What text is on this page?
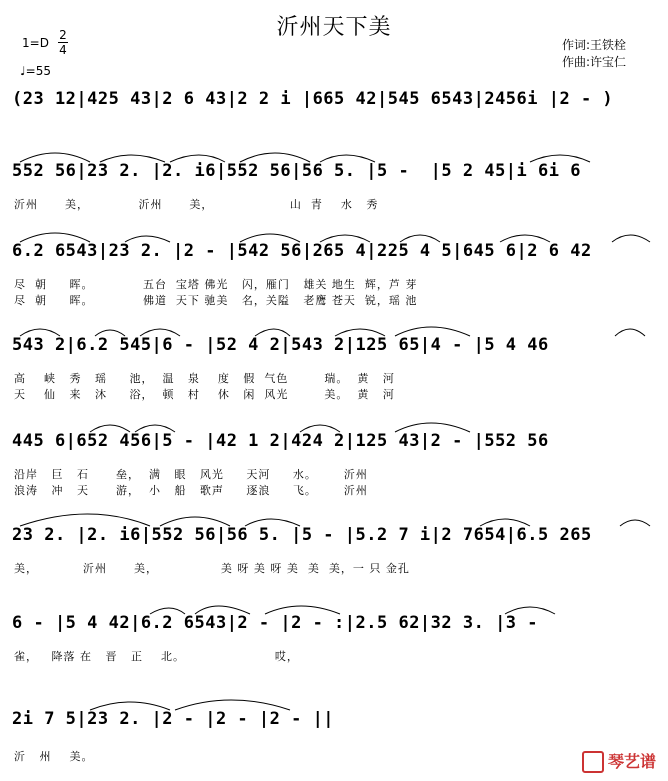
沂州天下美
1=D
2
4
♩=55
作词:王铁栓
作曲:许宝仁
(23 12|425 43|2 6 43|2 2 i |665 42|545 6543|2456i |2 - )
552 56|23 2. |2. i6|552 56|56 5. |5 -  |5 2 45|i 6i 6
沂州      美，           沂州      美，                 山  青    水   秀
6.2 6543|23 2. |2 - |542 56|265 4|225 4 5|645 6|2 6 42
尽  朝     晖。           五台  宝塔 佛光   闪，雁门   雄关 地生  辉，芦 芽
尽  朝     晖。           佛道  天下 驰美   名，关隘   老鹰 苍天  锐，瑶 池
543 2|6.2 545|6 - |52 4 2|543 2|125 65|4 - |5 4 46
高    峡   秀   瑶     池，  温   泉    度   假  气色        瑞。  黄   河
天    仙   来   沐     浴，  顿   村    休   闲  风光        美。  黄   河
445 6|652 456|5 - |42 1 2|424 2|125 43|2 - |552 56
沿岸   巨   石      垒，  满   眼   风光     天河     水。      沂州
浪涛   冲   天      游，  小   船   歌声     逐浪     飞。      沂州
23 2. |2. i6|552 56|56 5. |5 - |5.2 7 i|2 7654|6.5 265
美，          沂州      美，              美 呀 美 呀 美  美  美，一 只 金孔
6 - |5 4 42|6.2 6543|2 - |2 - :|2.5 62|32 3. |3 -
雀，   降落 在   晋   正    北。                    哎，
2i 7 5|23 2. |2 - |2 - |2 - ||
沂   州    美。	琴艺谱
